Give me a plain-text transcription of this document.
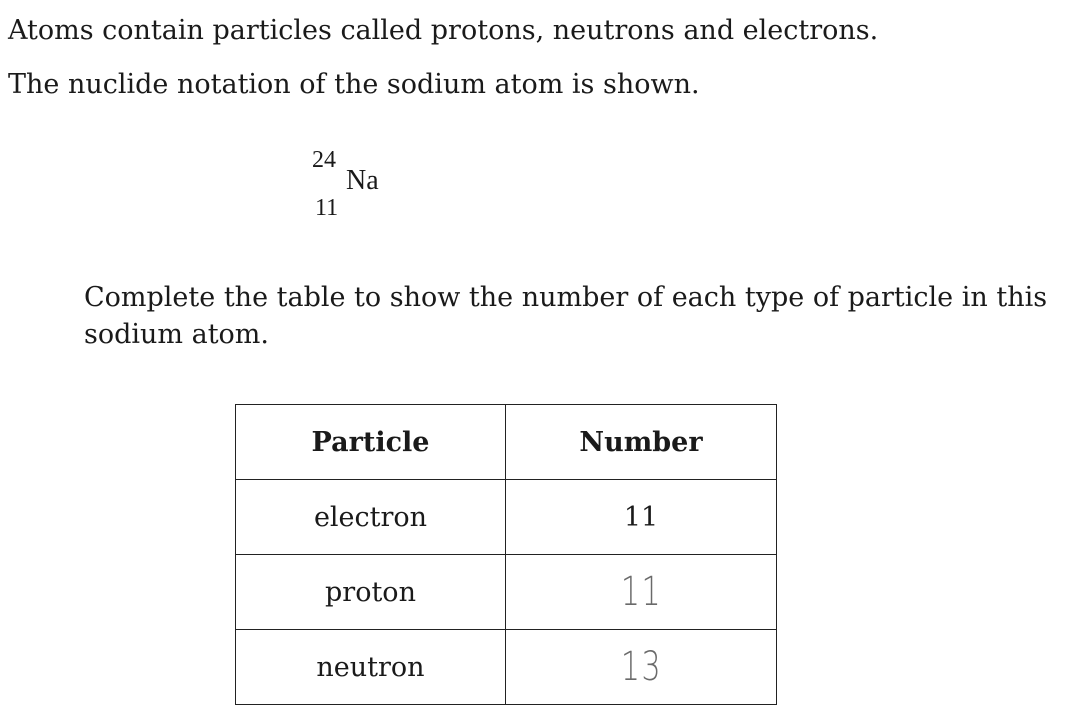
Atoms contain particles called protons, neutrons and electrons.
The nuclide notation of the sodium atom is shown.
24
Na
11
Complete the table to show the number of each type of particle in this sodium atom.
Particle	Number
electron	11
proton	11
neutron	13
